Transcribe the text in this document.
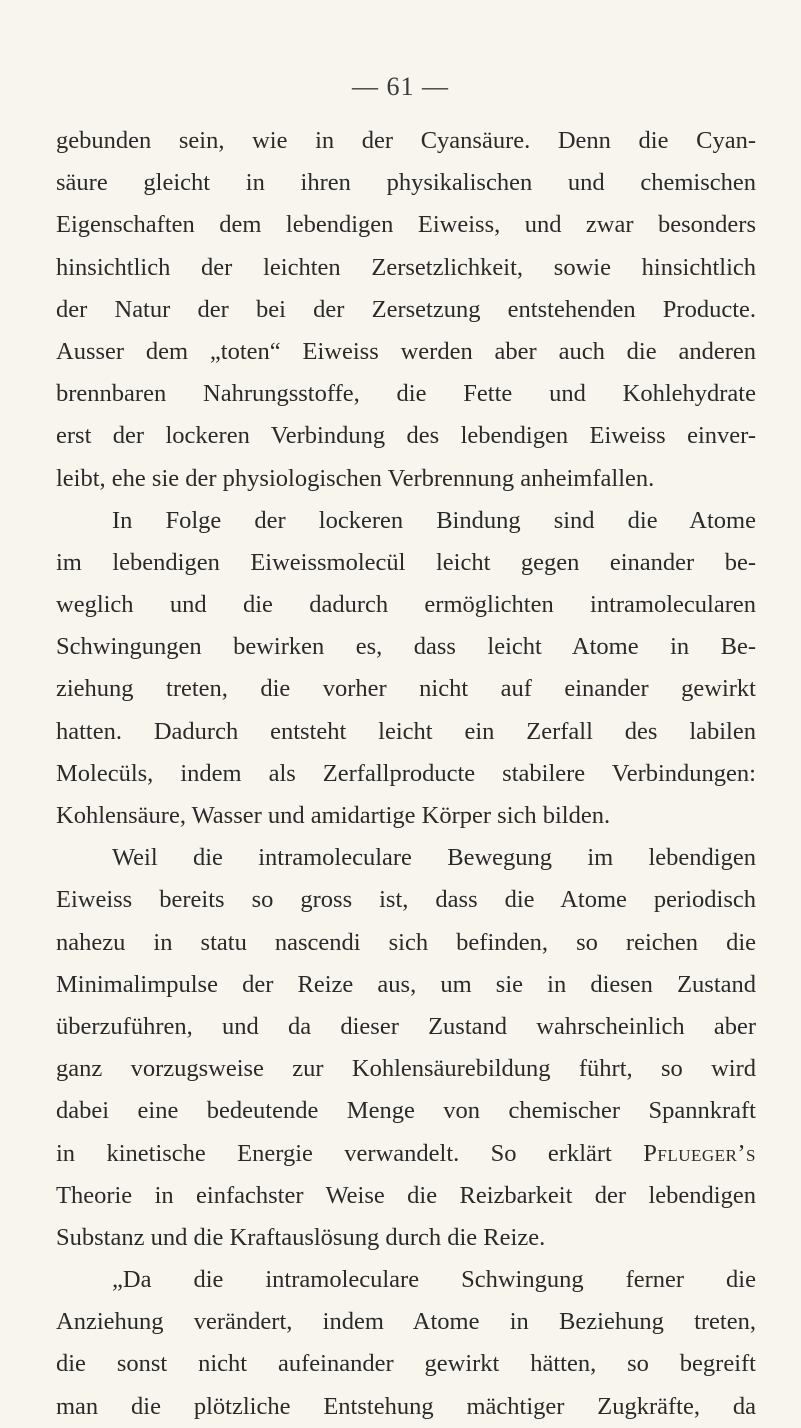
— 61 —
gebunden sein, wie in der Cyansäure. Denn die Cyan-
säure gleicht in ihren physikalischen und chemischen
Eigenschaften dem lebendigen Eiweiss, und zwar besonders
hinsichtlich der leichten Zersetzlichkeit, sowie hinsichtlich
der Natur der bei der Zersetzung entstehenden Producte.
Ausser dem „toten“ Eiweiss werden aber auch die anderen
brennbaren Nahrungsstoffe, die Fette und Kohlehydrate
erst der lockeren Verbindung des lebendigen Eiweiss einver-
leibt, ehe sie der physiologischen Verbrennung anheimfallen.
In Folge der lockeren Bindung sind die Atome
im lebendigen Eiweissmolecül leicht gegen einander be-
weglich und die dadurch ermöglichten intramolecularen
Schwingungen bewirken es, dass leicht Atome in Be-
ziehung treten, die vorher nicht auf einander gewirkt
hatten. Dadurch entsteht leicht ein Zerfall des labilen
Molecüls, indem als Zerfallproducte stabilere Verbindungen:
Kohlensäure, Wasser und amidartige Körper sich bilden.
Weil die intramoleculare Bewegung im lebendigen
Eiweiss bereits so gross ist, dass die Atome periodisch
nahezu in statu nascendi sich befinden, so reichen die
Minimalimpulse der Reize aus, um sie in diesen Zustand
überzuführen, und da dieser Zustand wahrscheinlich aber
ganz vorzugsweise zur Kohlensäurebildung führt, so wird
dabei eine bedeutende Menge von chemischer Spannkraft
in kinetische Energie verwandelt. So erklärt Pflueger’s
Theorie in einfachster Weise die Reizbarkeit der lebendigen
Substanz und die Kraftauslösung durch die Reize.
„Da die intramoleculare Schwingung ferner die
Anziehung verändert, indem Atome in Beziehung treten,
die sonst nicht aufeinander gewirkt hätten, so begreift
man die plötzliche Entstehung mächtiger Zugkräfte, da
